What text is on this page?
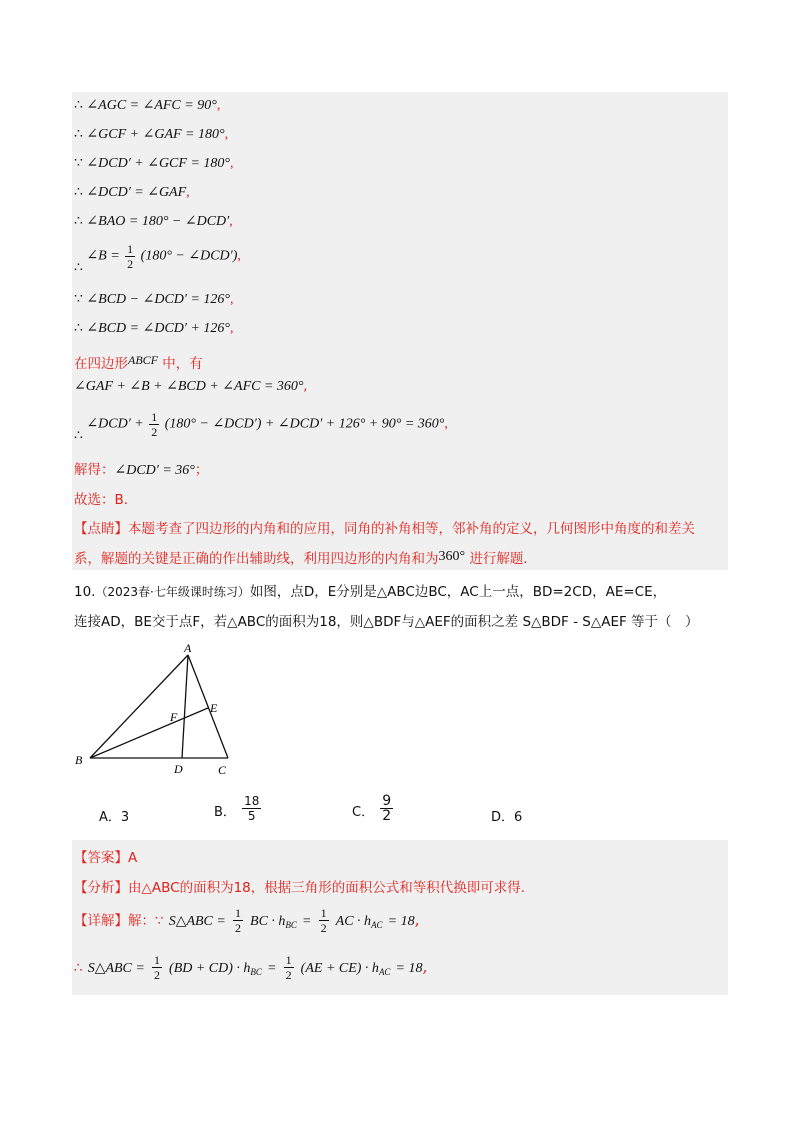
∴ ∠AGC = ∠AFC = 90°,
∴ ∠GCF + ∠GAF = 180°,
∵ ∠DCD′ + ∠GCF = 180°,
∴ ∠DCD′ = ∠GAF,
∴ ∠BAO = 180° − ∠DCD′,
∴ ∠B = $\frac{1}{2} (180^\circ$ − ∠DCD′),
∵ ∠BCD − ∠DCD′ = 126°,
∴ ∠BCD = ∠DCD′ + 126°,
在四边形ABCF 中，有
∠GAF + ∠B + ∠BCD + ∠AFC = 360°,
∴ ∠DCD′ + $\frac{1}{2} (180^\circ$ − ∠DCD′) + ∠DCD′ + 126° + 90° = 360°,
解得：∠DCD′ = 36°；
故选：B.
【点睛】本题考查了四边形的内角和的应用，同角的补角相等，邻补角的定义，几何图形中角度的和差关
系，解题的关键是正确的作出辅助线，利用四边形的内角和为360° 进行解题.
10.（2023春·七年级课时练习）如图，点D，E分别是△ABC边BC，AC上一点，BD=2CD，AE=CE，
连接AD，BE交于点F，若△ABC的面积为18，则△BDF与△AEF的面积之差 S△BDF - S△AEF 等于（　）
A
B
C
D
E
F
A．3	B． $\frac{18}{5}$	C． $\frac{9}{2}$	D．6
【答案】A
【分析】由△ABC的面积为18，根据三角形的面积公式和等积代换即可求得.
【详解】解：∵ S△ABC = $\frac{1}{2}$ BC · $h_{BC} = \frac{1}{2}$ AC · $h_{AC} = 18$,
∴ S△ABC = $\frac{1}{2} (BD + CD) \cdot h_{BC} = \frac{1}{2} (AE + CE) \cdot h_{AC} = 18$,
